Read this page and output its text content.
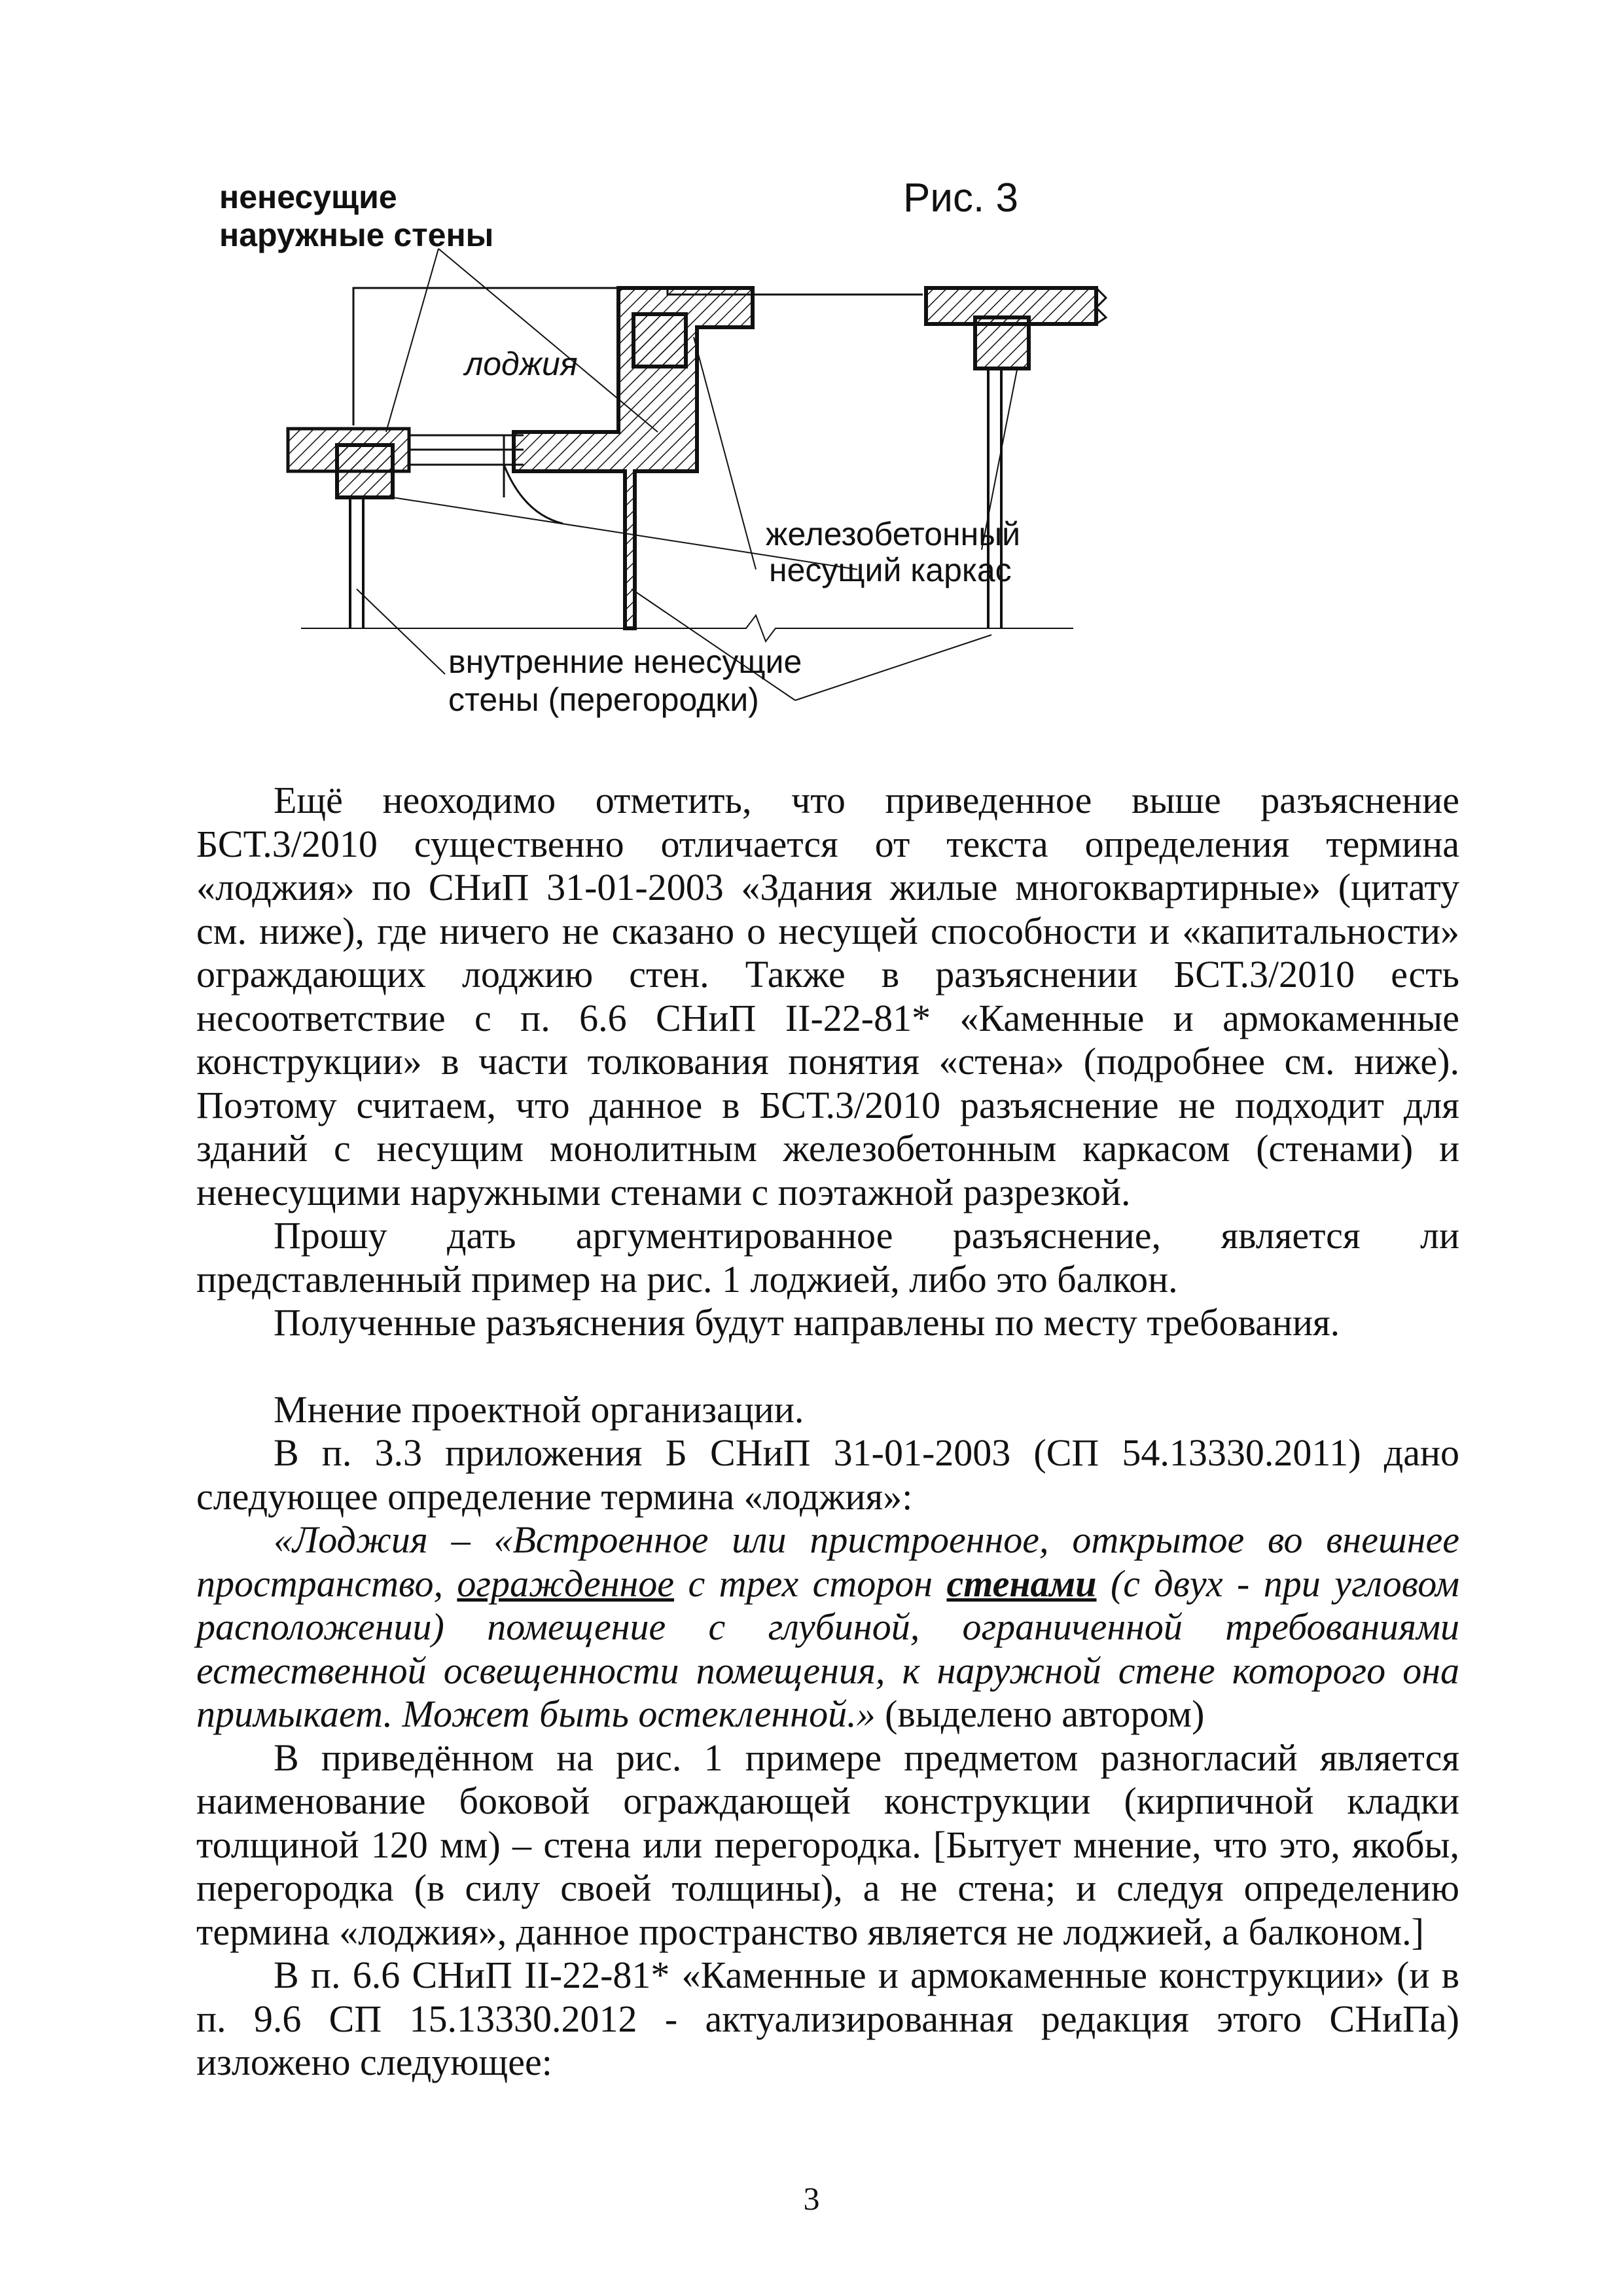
ненесущие
наружные стены
Рис. 3
лоджия
железобетонный
несущий каркас
внутренние ненесущие
стены (перегородки)
Ещё неоходимо отметить, что приведенное выше разъяснение
БСТ.3/2010 существенно отличается от текста определения термина
«лоджия» по СНиП 31-01-2003 «Здания жилые многоквартирные» (цитату
см. ниже), где ничего не сказано о несущей способности и «капитальности»
ограждающих лоджию стен. Также в разъяснении БСТ.3/2010 есть
несоответствие с п. 6.6 СНиП II-22-81* «Каменные и армокаменные
конструкции» в части толкования понятия «стена» (подробнее см. ниже).
Поэтому считаем, что данное в БСТ.3/2010 разъяснение не подходит для
зданий с несущим монолитным железобетонным каркасом (стенами) и
ненесущими наружными стенами с поэтажной разрезкой.
Прошу дать аргументированное разъяснение, является ли
представленный пример на рис. 1 лоджией, либо это балкон.
Полученные разъяснения будут направлены по месту требования.
Мнение проектной организации.
В п. 3.3 приложения Б СНиП 31-01-2003 (СП 54.13330.2011) дано
следующее определение термина «лоджия»:
«Лоджия – «Встроенное или пристроенное, открытое во внешнее
пространство, огражденное с трех сторон стенами (с двух - при угловом
расположении) помещение с глубиной, ограниченной требованиями
естественной освещенности помещения, к наружной стене которого она
примыкает. Может быть остекленной.» (выделено автором)
В приведённом на рис. 1 примере предметом разногласий является
наименование боковой ограждающей конструкции (кирпичной кладки
толщиной 120 мм) – стена или перегородка. [Бытует мнение, что это, якобы,
перегородка (в силу своей толщины), а не стена; и следуя определению
термина «лоджия», данное пространство является не лоджией, а балконом.]
В п. 6.6 СНиП II-22-81* «Каменные и армокаменные конструкции» (и в
п. 9.6 СП 15.13330.2012 - актуализированная редакция этого СНиПа)
изложено следующее:
3
